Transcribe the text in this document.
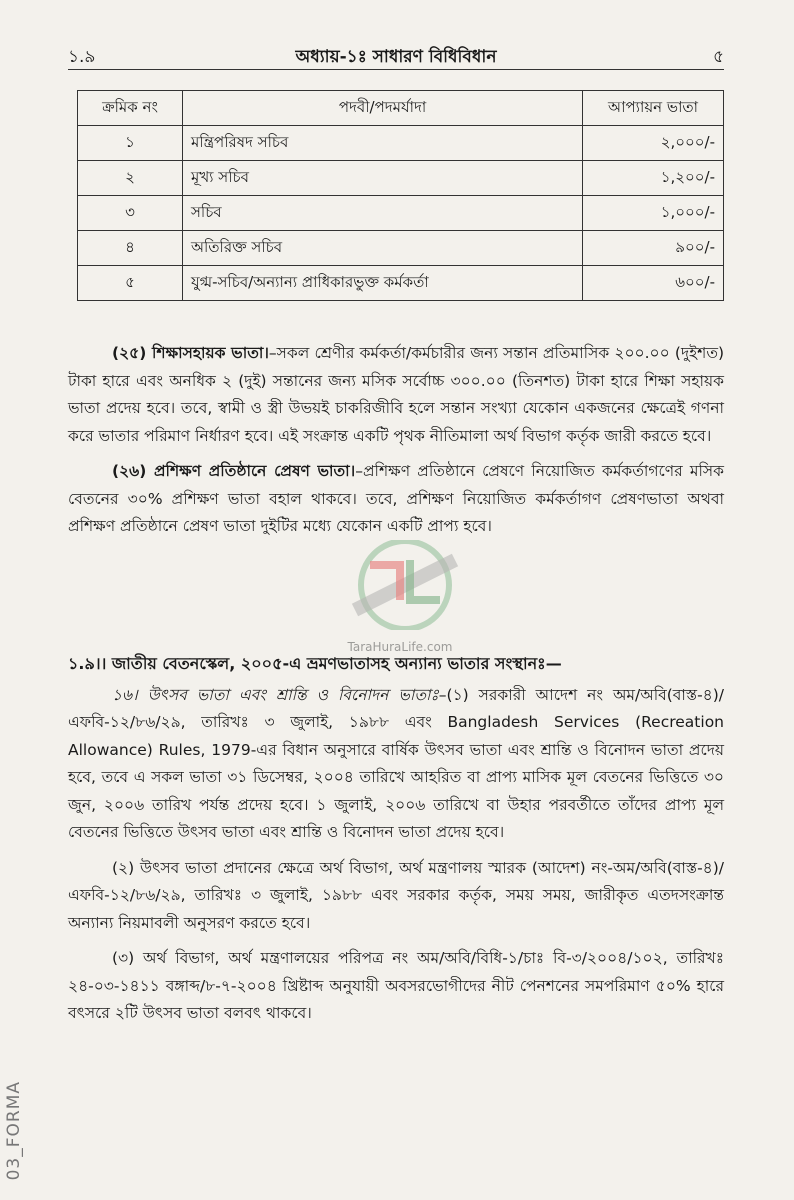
১.৯	অধ্যায়-১ঃ সাধারণ বিধিবিধান	৫
ক্রমিক নং	পদবী/পদমর্যাদা	আপ্যায়ন ভাতা
১	মন্ত্রিপরিষদ সচিব	২,০০০/-
২	মূখ্য সচিব	১,২০০/-
৩	সচিব	১,০০০/-
৪	অতিরিক্ত সচিব	৯০০/-
৫	যুগ্ম-সচিব/অন্যান্য প্রাধিকারভুক্ত কর্মকর্তা	৬০০/-

(২৫) শিক্ষাসহায়ক ভাতা।–সকল শ্রেণীর কর্মকর্তা/কর্মচারীর জন্য সন্তান প্রতিমাসিক ২০০.০০ (দুইশত) টাকা হারে এবং অনধিক ২ (দুই) সন্তানের জন্য মসিক সর্বোচ্চ ৩০০.০০ (তিনশত) টাকা হারে শিক্ষা সহায়ক ভাতা প্রদেয় হবে। তবে, স্বামী ও স্ত্রী উভয়ই চাকরিজীবি হলে সন্তান সংখ্যা যেকোন একজনের ক্ষেত্রেই গণনা করে ভাতার পরিমাণ নির্ধারণ হবে। এই সংক্রান্ত একটি পৃথক নীতিমালা অর্থ বিভাগ কর্তৃক জারী করতে হবে।

(২৬) প্রশিক্ষণ প্রতিষ্ঠানে প্রেষণ ভাতা।–প্রশিক্ষণ প্রতিষ্ঠানে প্রেষণে নিয়োজিত কর্মকর্তাগণের মসিক বেতনের ৩০% প্রশিক্ষণ ভাতা বহাল থাকবে। তবে, প্রশিক্ষণ নিয়োজিত কর্মকর্তাগণ প্রেষণভাতা অথবা প্রশিক্ষণ প্রতিষ্ঠানে প্রেষণ ভাতা দুইটির মধ্যে যেকোন একটি প্রাপ্য হবে।

১.৯।। জাতীয় বেতনস্কেল, ২০০৫-এ ভ্রমণভাতাসহ অন্যান্য ভাতার সংস্থানঃ—

১৬। উৎসব ভাতা এবং শ্রান্তি ও বিনোদন ভাতাঃ–(১) সরকারী আদেশ নং অম/অবি(বাস্ত-৪)/এফবি-১২/৮৬/২৯, তারিখঃ ৩ জুলাই, ১৯৮৮ এবং Bangladesh Services (Recreation Allowance) Rules, 1979-এর বিধান অনুসারে বার্ষিক উৎসব ভাতা এবং শ্রান্তি ও বিনোদন ভাতা প্রদেয় হবে, তবে এ সকল ভাতা ৩১ ডিসেম্বর, ২০০৪ তারিখে আহরিত বা প্রাপ্য মাসিক মূল বেতনের ভিত্তিতে ৩০ জুন, ২০০৬ তারিখ পর্যন্ত প্রদেয় হবে। ১ জুলাই, ২০০৬ তারিখে বা উহার পরবর্তীতে তাঁদের প্রাপ্য মূল বেতনের ভিত্তিতে উৎসব ভাতা এবং শ্রান্তি ও বিনোদন ভাতা প্রদেয় হবে।

(২) উৎসব ভাতা প্রদানের ক্ষেত্রে অর্থ বিভাগ, অর্থ মন্ত্রণালয় স্মারক (আদেশ) নং-অম/অবি(বাস্ত-৪)/এফবি-১২/৮৬/২৯, তারিখঃ ৩ জুলাই, ১৯৮৮ এবং সরকার কর্তৃক, সময় সময়, জারীকৃত এতদসংক্রান্ত অন্যান্য নিয়মাবলী অনুসরণ করতে হবে।

(৩) অর্থ বিভাগ, অর্থ মন্ত্রণালয়ের পরিপত্র নং অম/অবি/বিধি-১/চাঃ বি-৩/২০০৪/১০২, তারিখঃ ২৪-০৩-১৪১১ বঙ্গাব্দ/৮-৭-২০০৪ খ্রিষ্টাব্দ অনুযায়ী অবসরভোগীদের নীট পেনশনের সমপরিমাণ ৫০% হারে বৎসরে ২টি উৎসব ভাতা বলবৎ থাকবে।

TaraHuraLife.com
03_FORMA
